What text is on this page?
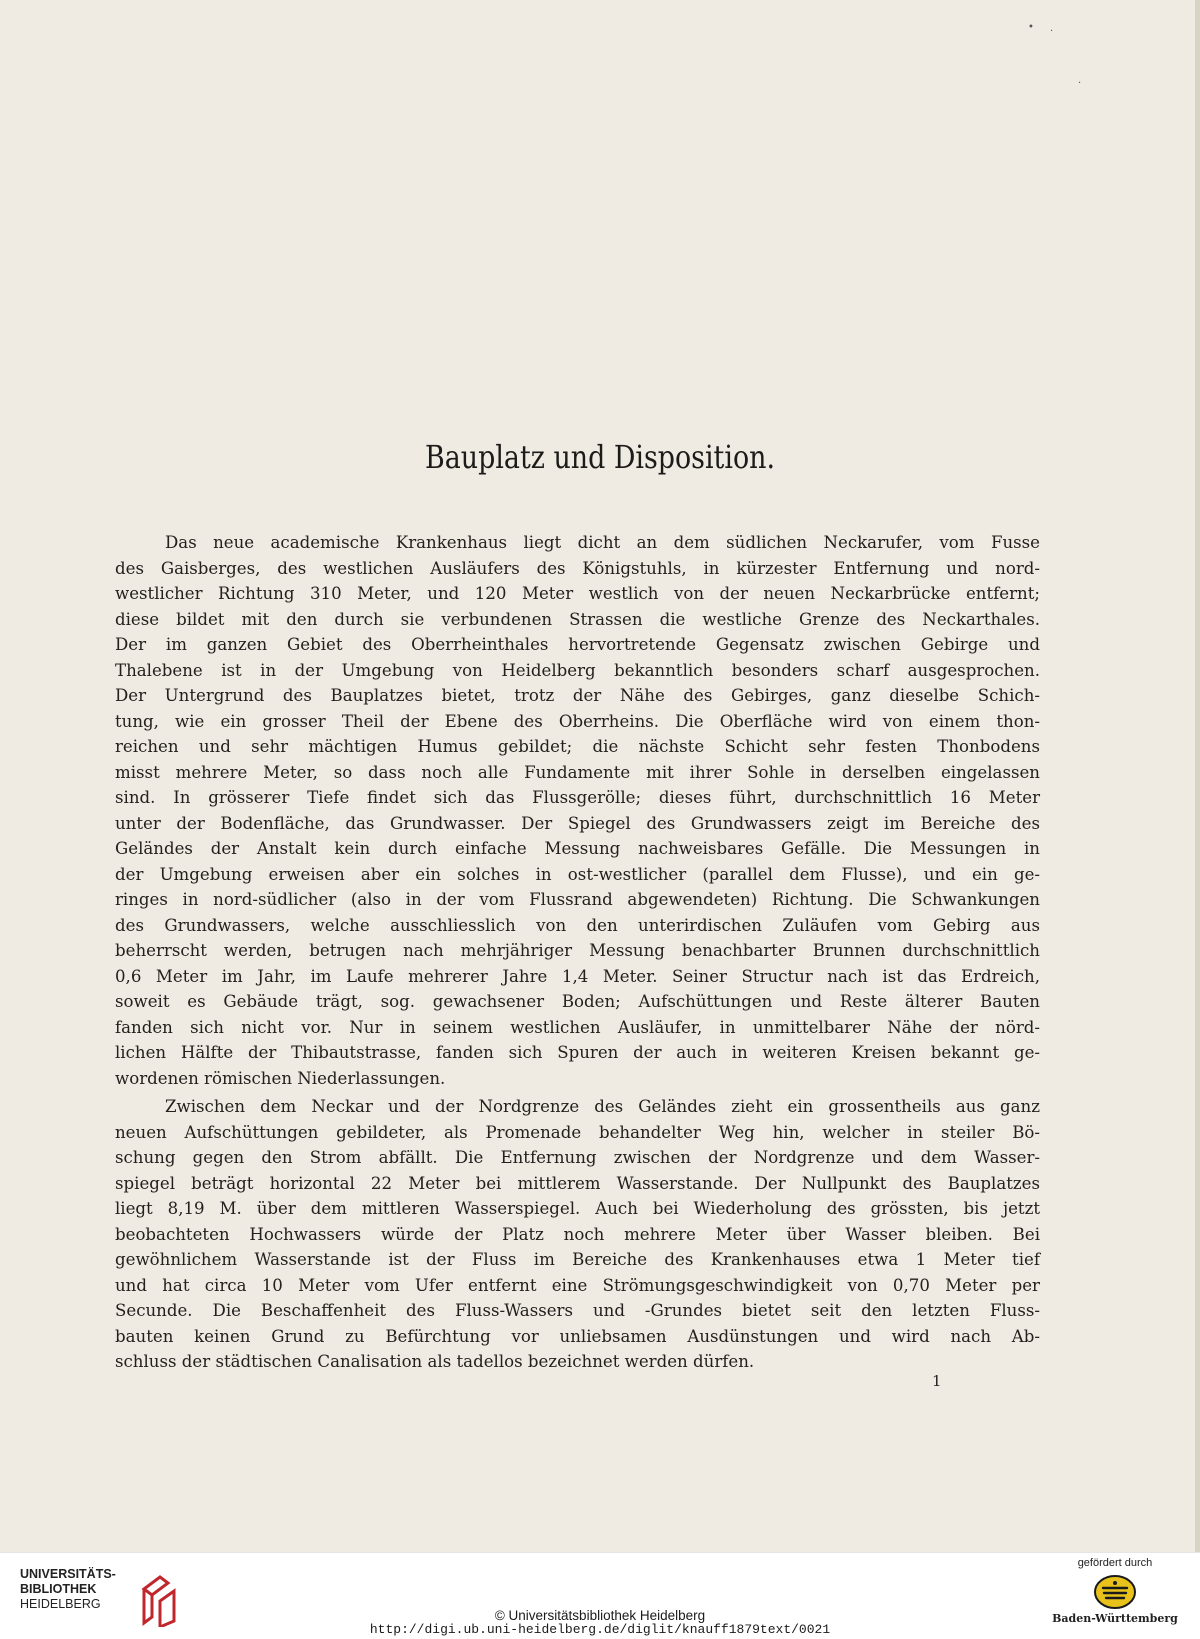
• ·
·
Bauplatz und Disposition.
Das neue academische Krankenhaus liegt dicht an dem südlichen Neckarufer, vom Fusse
des Gaisberges, des westlichen Ausläufers des Königstuhls, in kürzester Entfernung und nord-
westlicher Richtung 310 Meter, und 120 Meter westlich von der neuen Neckarbrücke entfernt;
diese bildet mit den durch sie verbundenen Strassen die westliche Grenze des Neckarthales.
Der im ganzen Gebiet des Oberrheinthales hervortretende Gegensatz zwischen Gebirge und
Thalebene ist in der Umgebung von Heidelberg bekanntlich besonders scharf ausgesprochen.
Der Untergrund des Bauplatzes bietet, trotz der Nähe des Gebirges, ganz dieselbe Schich-
tung, wie ein grosser Theil der Ebene des Oberrheins. Die Oberfläche wird von einem thon-
reichen und sehr mächtigen Humus gebildet; die nächste Schicht sehr festen Thonbodens
misst mehrere Meter, so dass noch alle Fundamente mit ihrer Sohle in derselben eingelassen
sind. In grösserer Tiefe findet sich das Flussgerölle; dieses führt, durchschnittlich 16 Meter
unter der Bodenfläche, das Grundwasser. Der Spiegel des Grundwassers zeigt im Bereiche des
Geländes der Anstalt kein durch einfache Messung nachweisbares Gefälle. Die Messungen in
der Umgebung erweisen aber ein solches in ost-westlicher (parallel dem Flusse), und ein ge-
ringes in nord-südlicher (also in der vom Flussrand abgewendeten) Richtung. Die Schwankungen
des Grundwassers, welche ausschliesslich von den unterirdischen Zuläufen vom Gebirg aus
beherrscht werden, betrugen nach mehrjähriger Messung benachbarter Brunnen durchschnittlich
0,6 Meter im Jahr, im Laufe mehrerer Jahre 1,4 Meter. Seiner Structur nach ist das Erdreich,
soweit es Gebäude trägt, sog. gewachsener Boden; Aufschüttungen und Reste älterer Bauten
fanden sich nicht vor. Nur in seinem westlichen Ausläufer, in unmittelbarer Nähe der nörd-
lichen Hälfte der Thibautstrasse, fanden sich Spuren der auch in weiteren Kreisen bekannt ge-
wordenen römischen Niederlassungen.
Zwischen dem Neckar und der Nordgrenze des Geländes zieht ein grossentheils aus ganz
neuen Aufschüttungen gebildeter, als Promenade behandelter Weg hin, welcher in steiler Bö-
schung gegen den Strom abfällt. Die Entfernung zwischen der Nordgrenze und dem Wasser-
spiegel beträgt horizontal 22 Meter bei mittlerem Wasserstande. Der Nullpunkt des Bauplatzes
liegt 8,19 M. über dem mittleren Wasserspiegel. Auch bei Wiederholung des grössten, bis jetzt
beobachteten Hochwassers würde der Platz noch mehrere Meter über Wasser bleiben. Bei
gewöhnlichem Wasserstande ist der Fluss im Bereiche des Krankenhauses etwa 1 Meter tief
und hat circa 10 Meter vom Ufer entfernt eine Strömungsgeschwindigkeit von 0,70 Meter per
Secunde. Die Beschaffenheit des Fluss-Wassers und -Grundes bietet seit den letzten Fluss-
bauten keinen Grund zu Befürchtung vor unliebsamen Ausdünstungen und wird nach Ab-
schluss der städtischen Canalisation als tadellos bezeichnet werden dürfen.
1
UNIVERSITÄTS-
BIBLIOTHEK
HEIDELBERG
© Universitätsbibliothek Heidelberg
http://digi.ub.uni-heidelberg.de/diglit/knauff1879text/0021
gefördert durch
Baden-Württemberg
